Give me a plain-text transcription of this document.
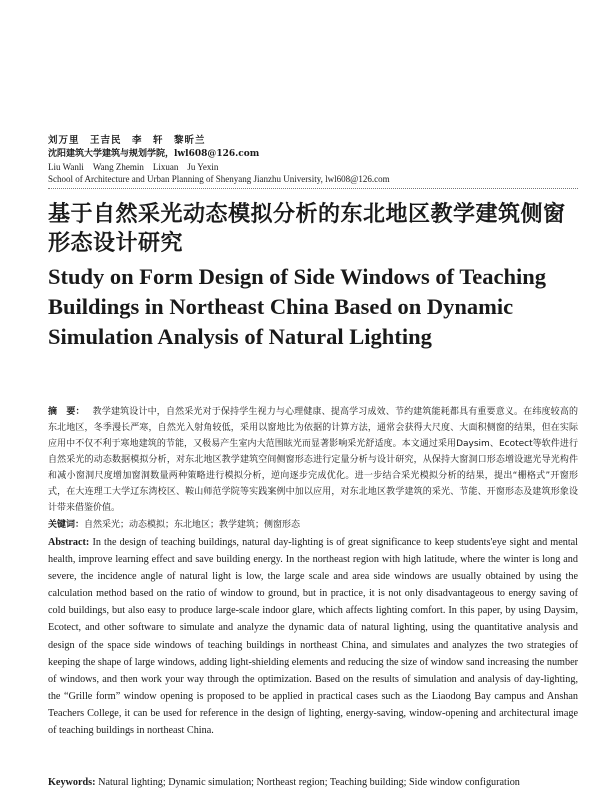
刘万里　王吉民　李　轩　黎昕兰
沈阳建筑大学建筑与规划学院，lwl608@126.com
Liu Wanli　Wang Zhemin　Lixuan　Ju Yexin
School of Architecture and Urban Planning of Shenyang Jianzhu University, lwl608@126.com
基于自然采光动态模拟分析的东北地区教学建筑侧窗形态设计研究
Study on Form Design of Side Windows of Teaching Buildings in Northeast China Based on Dynamic Simulation Analysis of Natural Lighting
摘　要： 教学建筑设计中，自然采光对于保持学生视力与心理健康、提高学习成效、节约建筑能耗都具有重要意义。在纬度较高的东北地区，冬季漫长严寒，自然光入射角较低，采用以窗地比为依据的计算方法，通常会获得大尺度、大面积侧窗的结果，但在实际应用中不仅不利于寒地建筑的节能，又极易产生室内大范围眩光而显著影响采光舒适度。本文通过采用Daysim、Ecotect等软件进行自然采光的动态数据模拟分析，对东北地区教学建筑空间侧窗形态进行定量分析与设计研究，从保持大窗洞口形态增设遮光导光构件和减小窗洞尺度增加窗洞数量两种策略进行模拟分析，逆向逐步完成优化。进一步结合采光模拟分析的结果，提出“栅格式”开窗形式，在大连理工大学辽东湾校区、鞍山师范学院等实践案例中加以应用，对东北地区教学建筑的采光、节能、开窗形态及建筑形象设计带来借鉴价值。
关键词：自然采光；动态模拟；东北地区；教学建筑；侧窗形态
Abstract: In the design of teaching buildings, natural day-lighting is of great significance to keep students'eye sight and mental health, improve learning effect and save building energy. In the northeast region with high latitude, where the winter is long and severe, the incidence angle of natural light is low, the large scale and area side windows are usually obtained by using the calculation method based on the ratio of window to ground, but in practice, it is not only disadvantageous to energy saving of cold buildings, but also easy to produce large-scale indoor glare, which affects lighting comfort. In this paper, by using Daysim, Ecotect, and other software to simulate and analyze the dynamic data of natural lighting, using the quantitative analysis and design of the space side windows of teaching buildings in northeast China, and simulates and analyzes the two strategies of keeping the shape of large windows, adding light-shielding elements and reducing the size of window sand increasing the number of windows, and then work your way through the optimization. Based on the results of simulation and analysis of day-lighting, the “Grille form” window opening is proposed to be applied in practical cases such as the Liaodong Bay campus and Anshan Teachers College, it can be used for reference in the design of lighting, energy-saving, window-opening and architectural image of teaching buildings in northeast China.
Keywords: Natural lighting; Dynamic simulation; Northeast region; Teaching building; Side window configuration
